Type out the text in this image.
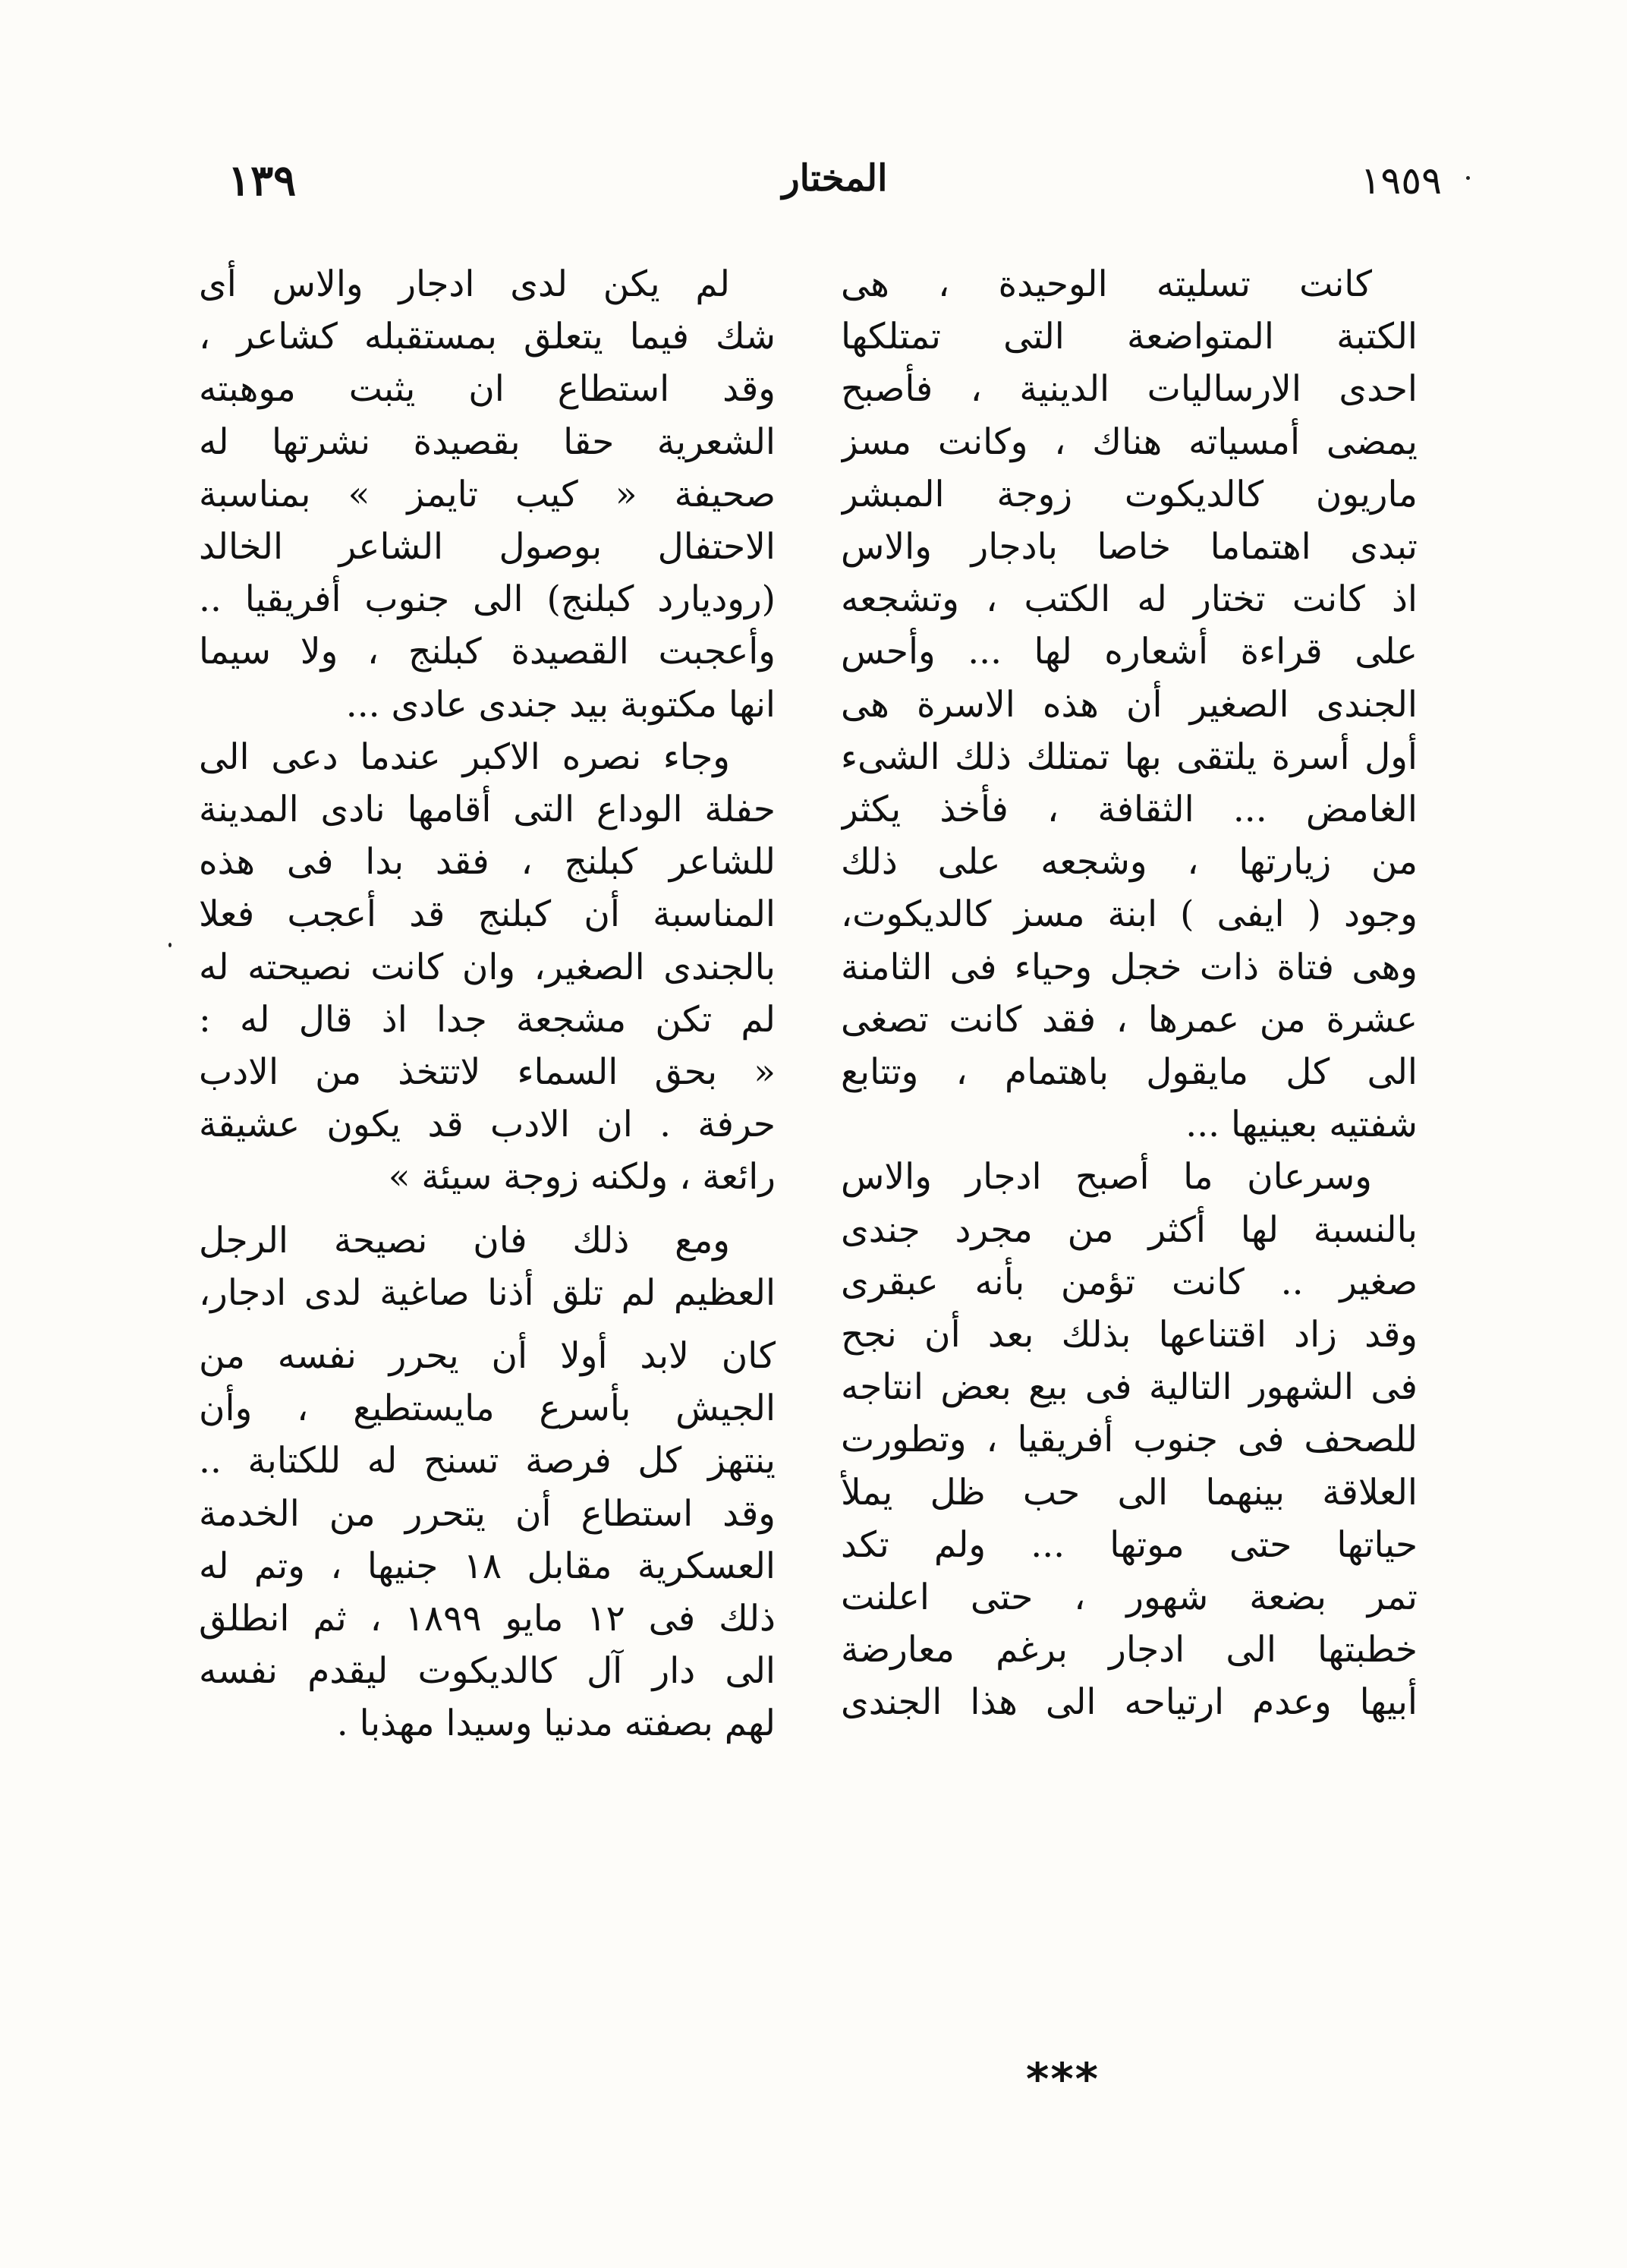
١٣٩	المختار	١٩٥٩
كانت تسليته الوحيدة ، هى
الكتبة المتواضعة التى تمتلكها
احدى الارساليات الدينية ، فأصبح
يمضى أمسياته هناك ، وكانت مسز
ماريون كالديكوت زوجة المبشر
تبدى اهتماما خاصا بادجار والاس
اذ كانت تختار له الكتب ، وتشجعه
على قراءة أشعاره لها ... وأحس
الجندى الصغير أن هذه الاسرة هى
أول أسرة يلتقى بها تمتلك ذلك الشىء
الغامض ... الثقافة ، فأخذ يكثر
من زيارتها ، وشجعه على ذلك
وجود ( ايفى ) ابنة مسز كالديكوت،
وهى فتاة ذات خجل وحياء فى الثامنة
عشرة من عمرها ، فقد كانت تصغى
الى كل مايقول باهتمام ، وتتابع
شفتيه بعينيها ...
وسرعان ما أصبح ادجار والاس
بالنسبة لها أكثر من مجرد جندى
صغير .. كانت تؤمن بأنه عبقرى
وقد زاد اقتناعها بذلك بعد أن نجح
فى الشهور التالية فى بيع بعض انتاجه
للصحف فى جنوب أفريقيا ، وتطورت
العلاقة بينهما الى حب ظل يملأ
حياتها حتى موتها ... ولم تكد
تمر بضعة شهور ، حتى اعلنت
خطبتها الى ادجار برغم معارضة
أبيها وعدم ارتياحه الى هذا الجندى
لم يكن لدى ادجار والاس أى
شك فيما يتعلق بمستقبله كشاعر ،
وقد استطاع ان يثبت موهبته
الشعرية حقا بقصيدة نشرتها له
صحيفة « كيب تايمز » بمناسبة
الاحتفال بوصول الشاعر الخالد
(روديارد كبلنج) الى جنوب أفريقيا ..
وأعجبت القصيدة كبلنج ، ولا سيما
انها مكتوبة بيد جندى عادى ...
وجاء نصره الاكبر عندما دعى الى
حفلة الوداع التى أقامها نادى المدينة
للشاعر كبلنج ، فقد بدا فى هذه
المناسبة أن كبلنج قد أعجب فعلا
بالجندى الصغير، وان كانت نصيحته له
لم تكن مشجعة جدا اذ قال له :
« بحق السماء لاتتخذ من الادب
حرفة . ان الادب قد يكون عشيقة
رائعة ، ولكنه زوجة سيئة »
ومع ذلك فان نصيحة الرجل
العظيم لم تلق أذنا صاغية لدى ادجار،
كان لابد أولا أن يحرر نفسه من
الجيش بأسرع مايستطيع ، وأن
ينتهز كل فرصة تسنح له للكتابة ..
وقد استطاع أن يتحرر من الخدمة
العسكرية مقابل ١٨ جنيها ، وتم له
ذلك فى ١٢ مايو ١٨٩٩ ، ثم انطلق
الى دار آل كالديكوت ليقدم نفسه
لهم بصفته مدنيا وسيدا مهذبا .
***
